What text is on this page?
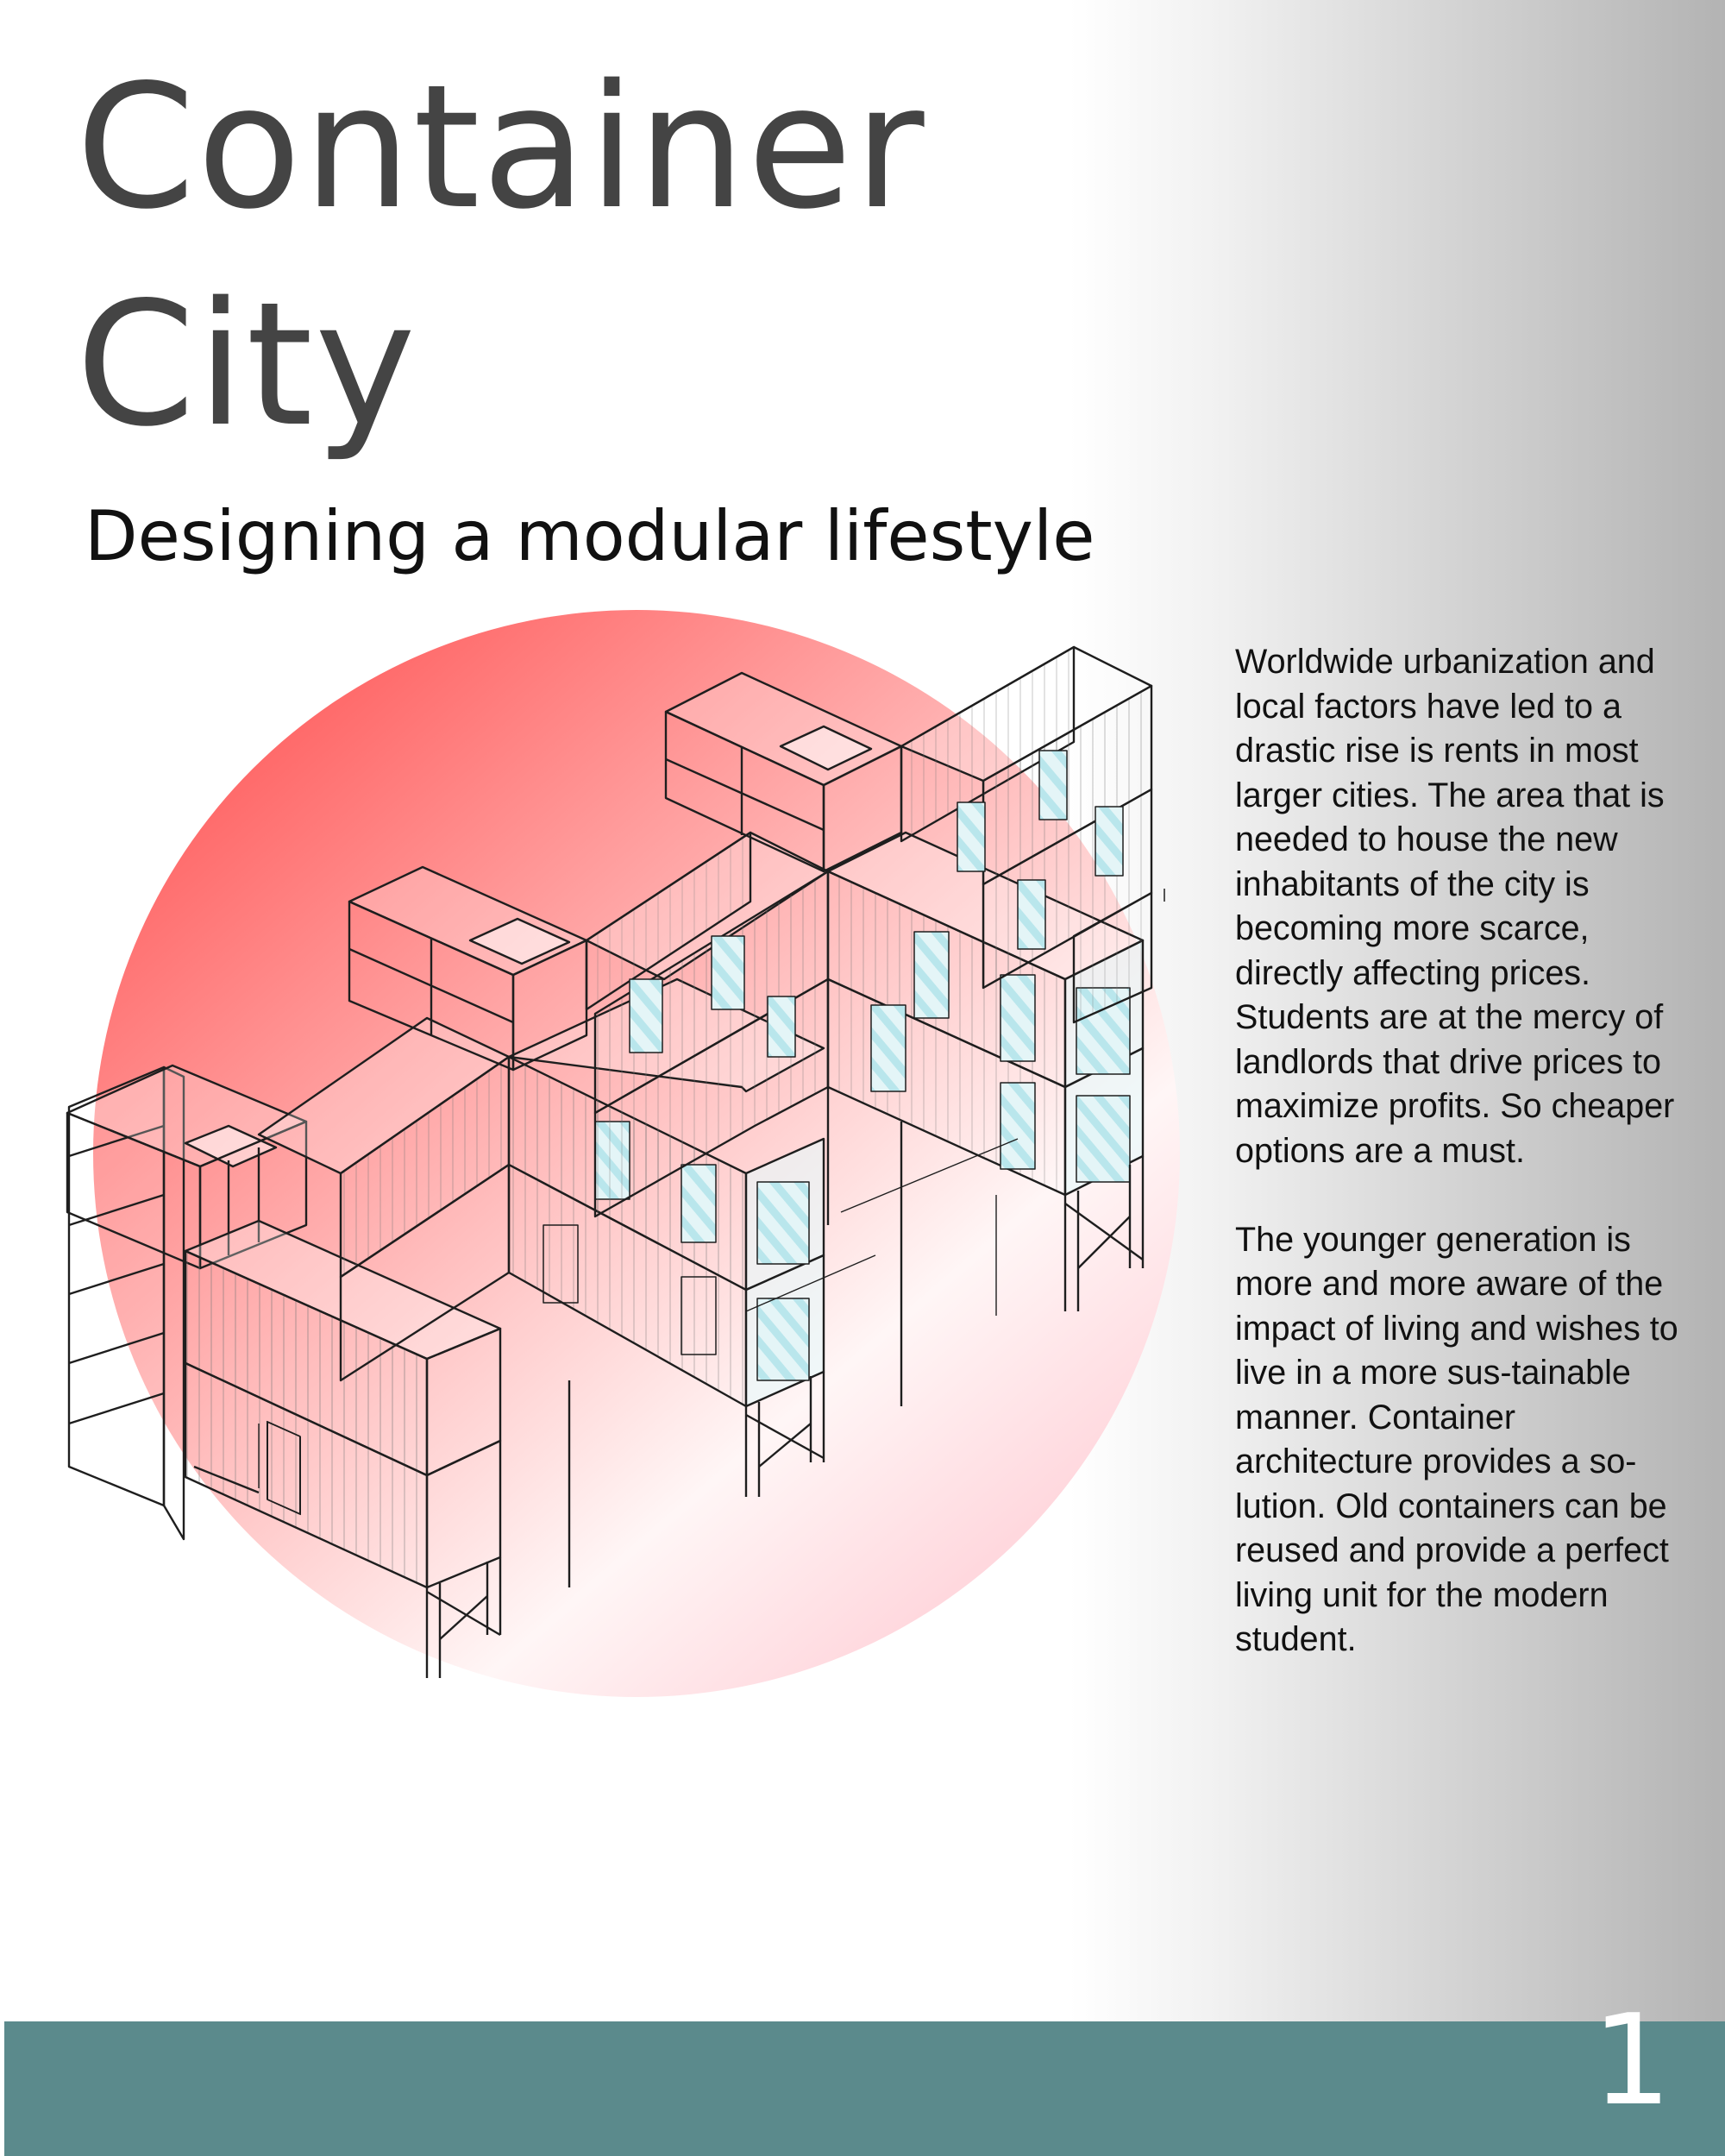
Container
City
Designing a modular lifestyle

Worldwide urbanization and local factors have led to a drastic rise is rents in most larger cities. The area that is needed to house the new inhabitants of the city is becoming more scarce, directly affecting prices. Students are at the mercy of landlords that drive prices to maximize profits. So cheaper options are a must.

The younger generation is more and more aware of the impact of living and wishes to live in a more sus-tainable manner. Container architecture provides a so-lution. Old containers can be reused and provide a perfect living unit for the modern student.

1
